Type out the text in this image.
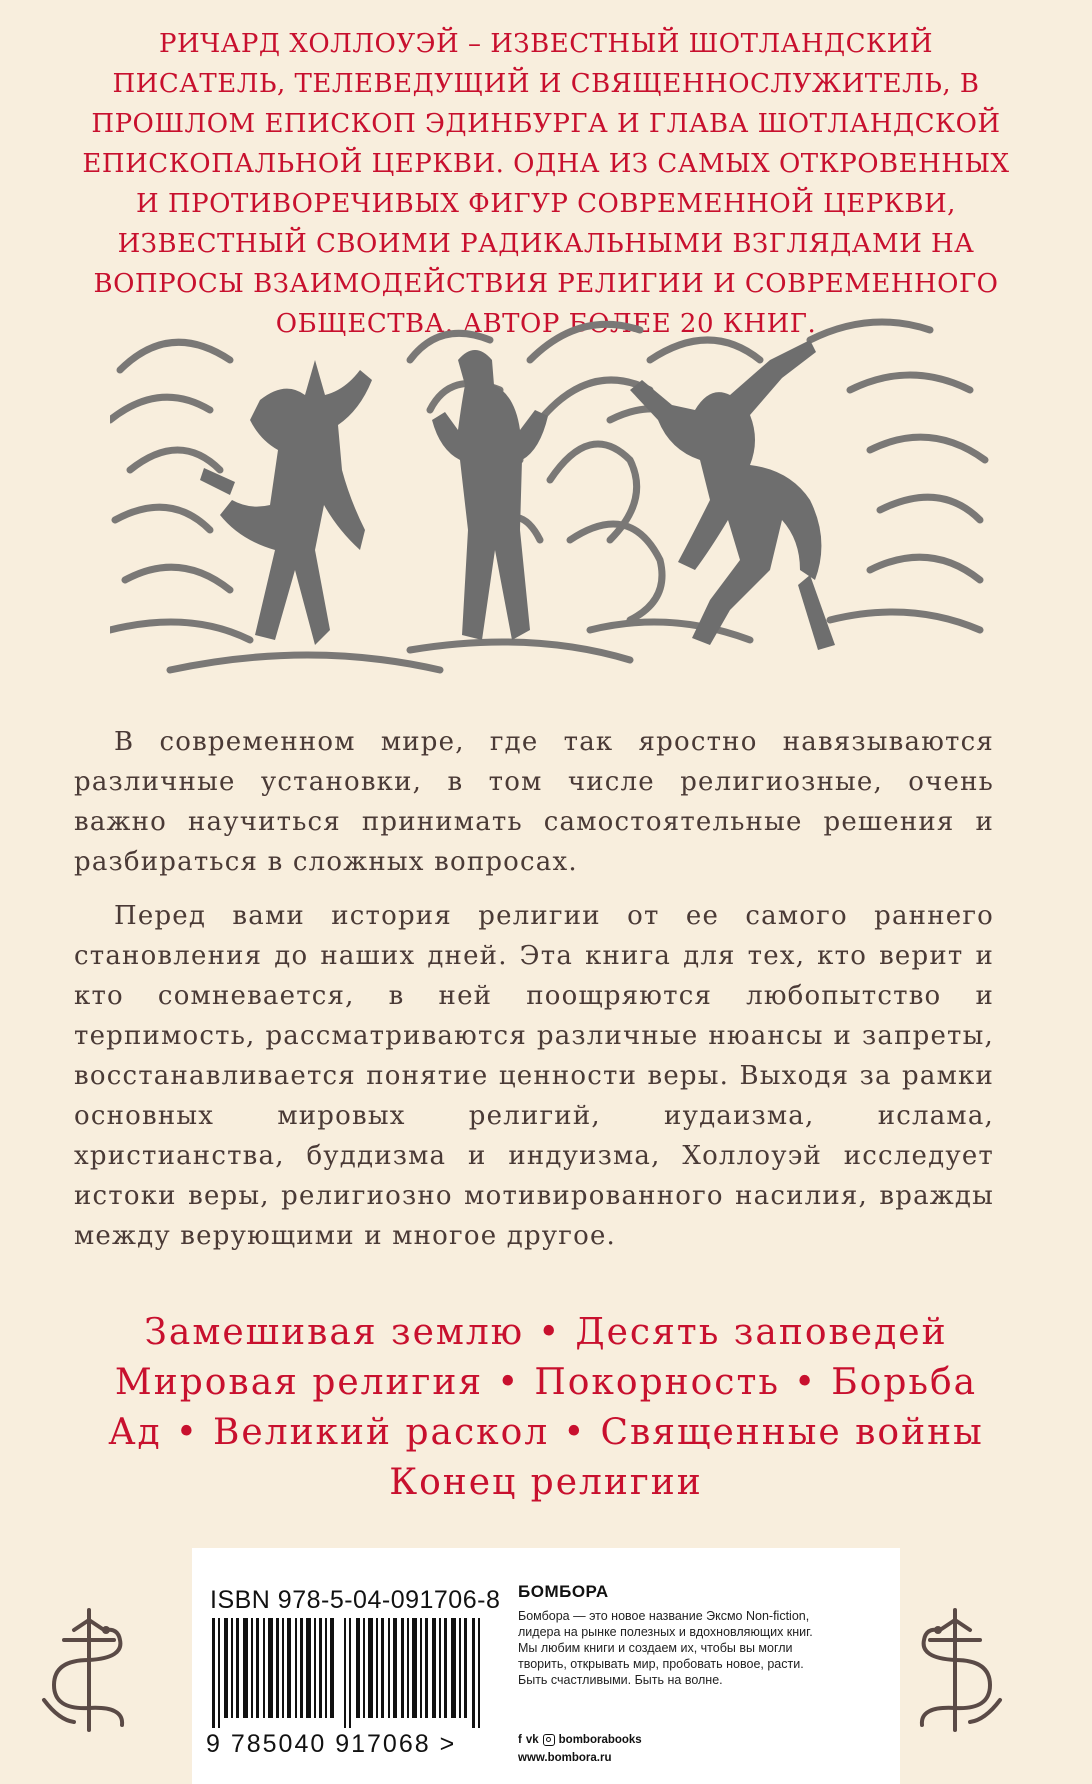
РИЧАРД ХОЛЛОУЭЙ – ИЗВЕСТНЫЙ ШОТЛАНДСКИЙ ПИСАТЕЛЬ, ТЕЛЕВЕДУЩИЙ И СВЯЩЕННОСЛУЖИТЕЛЬ, В ПРОШЛОМ ЕПИСКОП ЭДИНБУРГА И ГЛАВА ШОТЛАНДСКОЙ ЕПИСКОПАЛЬНОЙ ЦЕРКВИ. ОДНА ИЗ САМЫХ ОТКРОВЕННЫХ И ПРОТИВОРЕЧИВЫХ ФИГУР СОВРЕМЕННОЙ ЦЕРКВИ, ИЗВЕСТНЫЙ СВОИМИ РАДИКАЛЬНЫМИ ВЗГЛЯДАМИ НА ВОПРОСЫ ВЗАИМОДЕЙСТВИЯ РЕЛИГИИ И СОВРЕМЕННОГО ОБЩЕСТВА. АВТОР БОЛЕЕ 20 КНИГ.

В современном мире, где так яростно навязываются различные установки, в том числе религиозные, очень важно научиться принимать самостоятельные решения и разбираться в сложных вопросах.

Перед вами история религии от ее самого раннего становления до наших дней. Эта книга для тех, кто верит и кто сомневается, в ней поощряются любопытство и терпимость, рассматриваются различные нюансы и запреты, восстанавливается понятие ценности веры. Выходя за рамки основных мировых религий, иудаизма, ислама, христианства, буддизма и индуизма, Холлоуэй исследует истоки веры, религиозно мотивированного насилия, вражды между верующими и многое другое.

Замешивая землю • Десять заповедей
Мировая религия • Покорность • Борьба
Ад • Великий раскол • Священные войны
Конец религии
ISBN 978-5-04-091706-8
9 785040 917068 >
БОМБОРА
Бомбора — это новое название Эксмо Non-fiction,
лидера на рынке полезных и вдохновляющих книг.
Мы любим книги и создаем их, чтобы вы могли
творить, открывать мир, пробовать новое, расти.
Быть счастливыми. Быть на волне.
f vk bomborabooks
www.bombora.ru
